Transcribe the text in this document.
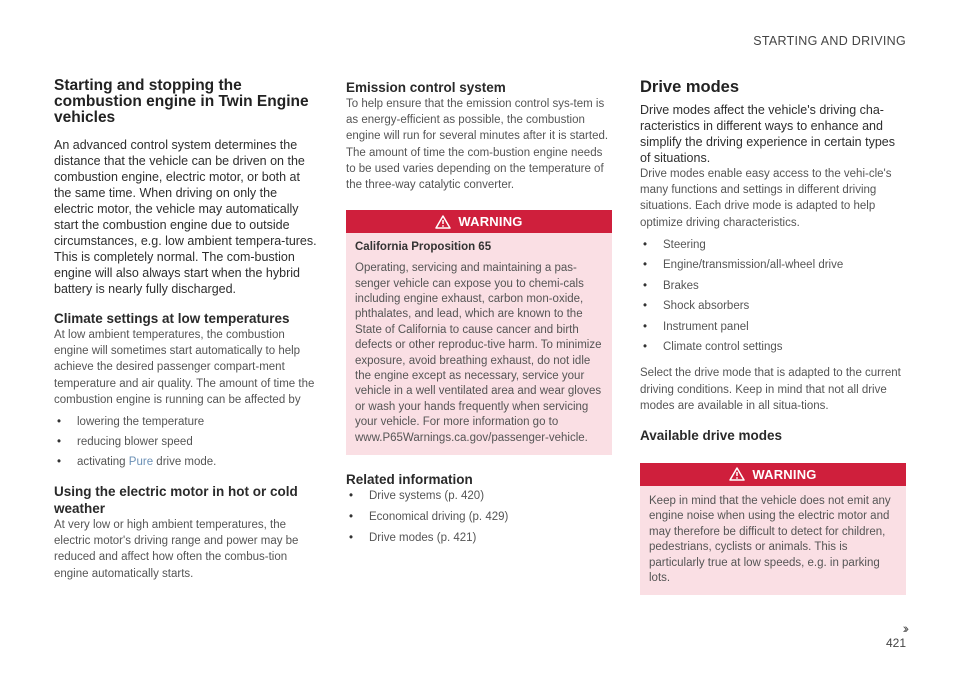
STARTING AND DRIVING
Starting and stopping the combustion engine in Twin Engine vehicles

An advanced control system determines the distance that the vehicle can be driven on the combustion engine, electric motor, or both at the same time. When driving on only the electric motor, the vehicle may automatically start the combustion engine due to outside circumstances, e.g. low ambient tempera-tures. This is completely normal. The com-bustion engine will also always start when the hybrid battery is nearly fully discharged.

Climate settings at low temperatures

At low ambient temperatures, the combustion engine will sometimes start automatically to help achieve the desired passenger compart-ment temperature and air quality. The amount of time the combustion engine is running can be affected by

• lowering the temperature
• reducing blower speed
• activating Pure drive mode.
Using the electric motor in hot or cold weather

At very low or high ambient temperatures, the electric motor's driving range and power may be reduced and affect how often the combus-tion engine automatically starts.

Emission control system

To help ensure that the emission control sys-tem is as energy-efficient as possible, the combustion engine will run for several minutes after it is started. The amount of time the com-bustion engine needs to be used varies depending on the temperature of the three-way catalytic converter.

WARNING
California Proposition 65
Operating, servicing and maintaining a pas-senger vehicle can expose you to chemi-cals including engine exhaust, carbon mon-oxide, phthalates, and lead, which are known to the State of California to cause cancer and birth defects or other reproduc-tive harm. To minimize exposure, avoid breathing exhaust, do not idle the engine except as necessary, service your vehicle in a well ventilated area and wear gloves or wash your hands frequently when servicing your vehicle. For more information go to www.P65Warnings.ca.gov/passenger-vehicle.
Related information
• Drive systems (p. 420)
• Economical driving (p. 429)
• Drive modes (p. 421)
Drive modes

Drive modes affect the vehicle's driving cha-racteristics in different ways to enhance and simplify the driving experience in certain types of situations.

Drive modes enable easy access to the vehi-cle's many functions and settings in different driving situations. Each drive mode is adapted to help optimize driving characteristics.

• Steering
• Engine/transmission/all-wheel drive
• Brakes
• Shock absorbers
• Instrument panel
• Climate control settings

Select the drive mode that is adapted to the current driving conditions. Keep in mind that not all drive modes are available in all situa-tions.

Available drive modes
WARNING
Keep in mind that the vehicle does not emit any engine noise when using the electric motor and may therefore be difficult to detect for children, pedestrians, cyclists or animals. This is particularly true at low speeds, e.g. in parking lots.
››
421
